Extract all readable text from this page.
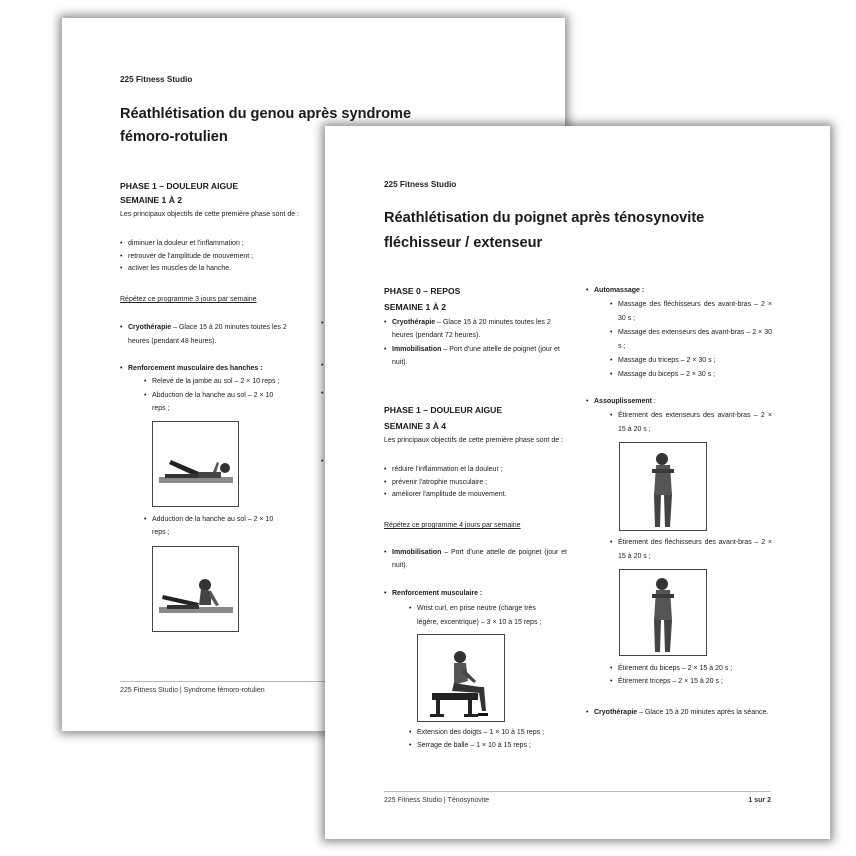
225 Fitness Studio
Réathlétisation du genou après syndrome
fémoro-rotulien
PHASE 1 – DOULEUR AIGUE
SEMAINE 1 À 2
Les principaux objectifs de cette première phase sont de :
• diminuer la douleur et l'inflammation ;
• retrouver de l'amplitude de mouvement ;
• activer les muscles de la hanche.
Répétez ce programme 3 jours par semaine
• Cryothérapie – Glace 15 à 20 minutes toutes les 2 heures (pendant 48 heures).
• Renforcement musculaire des hanches :
• Relevé de la jambe au sol – 2 × 10 reps ;
• Abduction de la hanche au sol – 2 × 10 reps ;
• Adduction de la hanche au sol – 2 × 10 reps ;
225 Fitness Studio | Syndrome fémoro-rotulien
•
•
•
•
225 Fitness Studio
Réathlétisation du poignet après ténosynovite
fléchisseur / extenseur
PHASE 0 – REPOS
SEMAINE 1 À 2
• Cryothérapie – Glace 15 à 20 minutes toutes les 2 heures (pendant 72 heures).
• Immobilisation – Port d'une attelle de poignet (jour et nuit).
PHASE 1 – DOULEUR AIGUE
SEMAINE 3 À 4
Les principaux objectifs de cette première phase sont de :
• réduire l'inflammation et la douleur ;
• prévenir l'atrophie musculaire ;
• améliorer l'amplitude de mouvement.
Répétez ce programme 4 jours par semaine
• Immobilisation – Port d'une attelle de poignet (jour et nuit).
• Renforcement musculaire :
• Wrist curl, en prise neutre (charge très légère, excentrique) – 3 × 10 à 15 reps ;
• Extension des doigts – 1 × 10 à 15 reps ;
• Serrage de balle – 1 × 10 à 15 reps ;
• Automassage :
• Massage des fléchisseurs des avant-bras – 2 × 30 s ;
• Massage des extenseurs des avant-bras – 2 × 30 s ;
• Massage du triceps – 2 × 30 s ;
• Massage du biceps – 2 × 30 s ;
• Assouplissement :
• Étirement des extenseurs des avant-bras – 2 × 15 à 20 s ;
• Étirement des fléchisseurs des avant-bras – 2 × 15 à 20 s ;
• Étirement du biceps – 2 × 15 à 20 s ;
• Étirement triceps – 2 × 15 à 20 s ;
• Cryothérapie – Glace 15 à 20 minutes après la séance.
225 Fitness Studio | Ténosynovite	1 sur 2
